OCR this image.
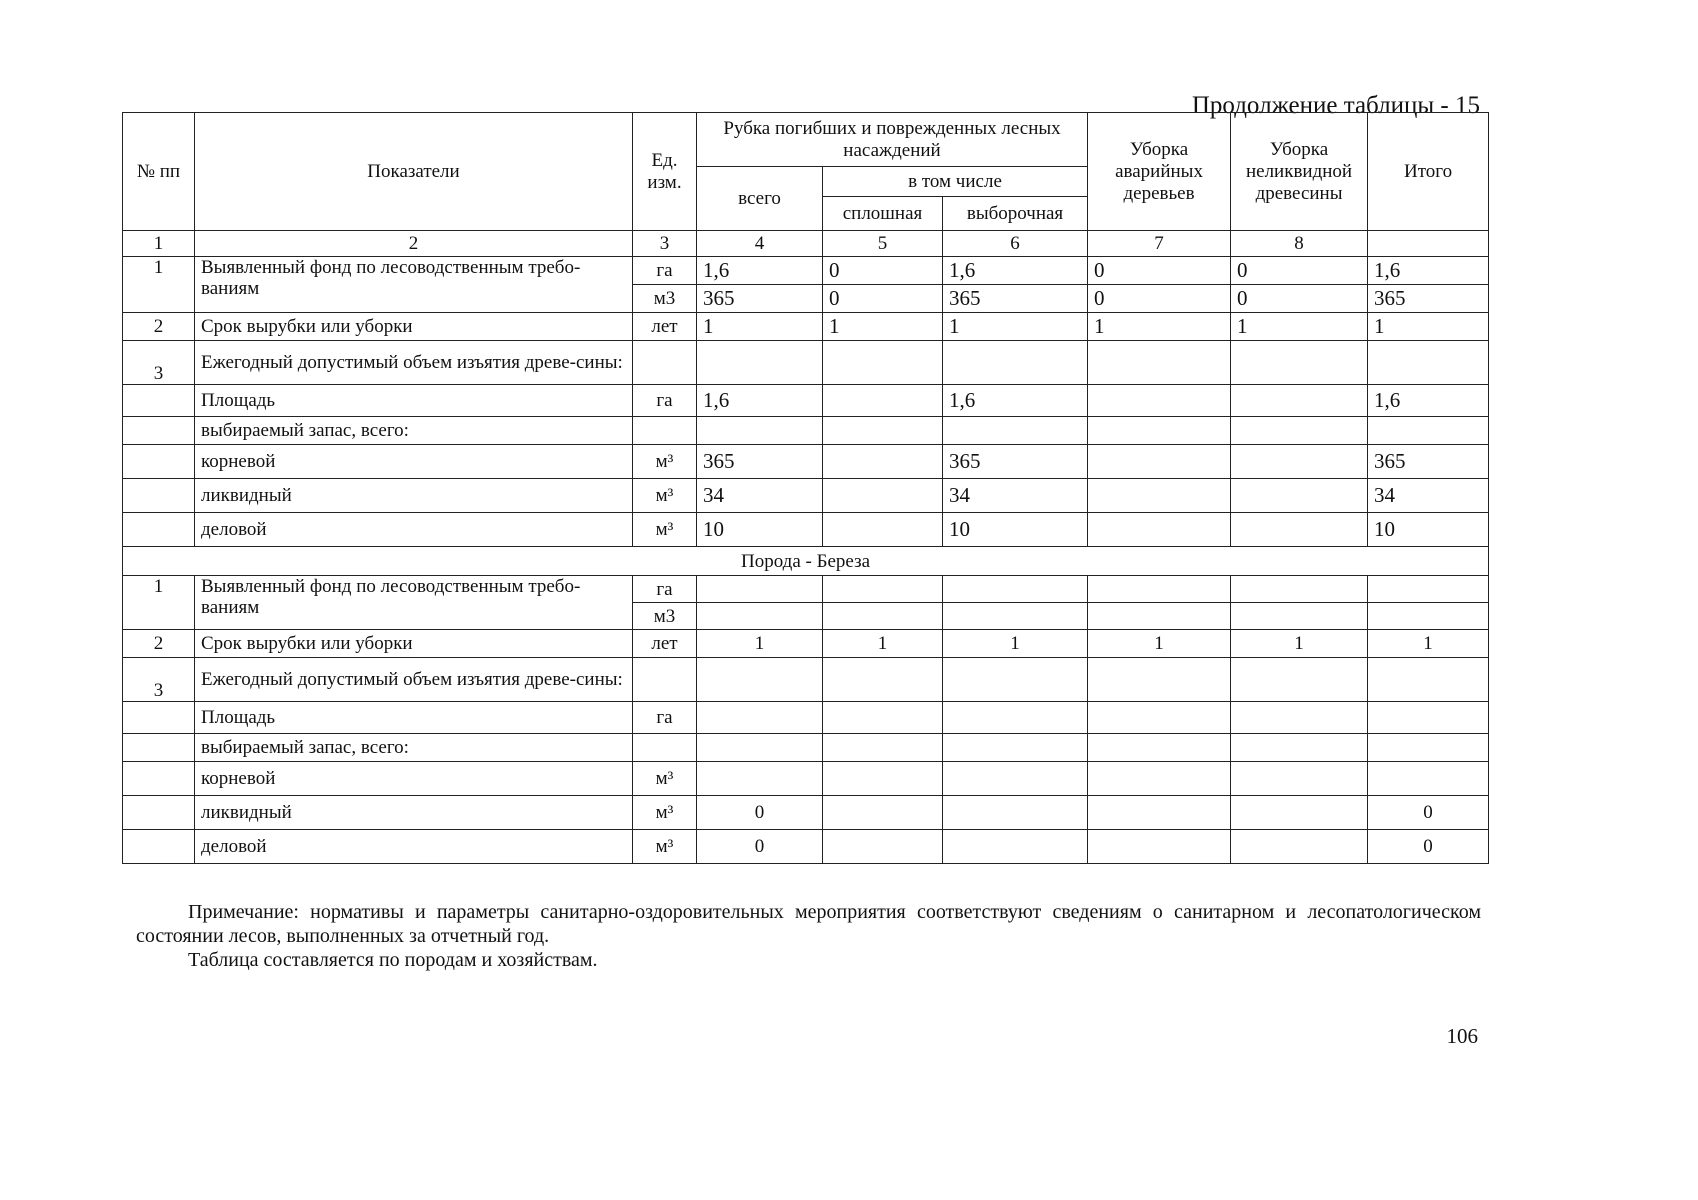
Продолжение таблицы - 15
№ пп	Показатели	Ед. изм.	Рубка погибших и поврежденных лесных насаждений			Уборка аварийных деревьев	Уборка неликвидной древесины	Итого
			всего	в том числе				
				сплошная	выборочная			
1	2	3	4	5	6	7	8	
1	Выявленный фонд по лесоводственным требо-ваниям	га	1,6	0	1,6	0	0	1,6
		м3	365	0	365	0	0	365
2	Срок вырубки или уборки	лет	1	1	1	1	1	1
3	Ежегодный допустимый объем изъятия древе-сины:							
	Площадь	га	1,6		1,6			1,6
	выбираемый запас, всего:							
	корневой	м³	365		365			365
	ликвидный	м³	34		34			34
	деловой	м³	10		10			10
Порода - Береза								
1	Выявленный фонд по лесоводственным требо-ваниям	га						
		м3						
2	Срок вырубки или уборки	лет	1	1	1	1	1	1
3	Ежегодный допустимый объем изъятия древе-сины:							
	Площадь	га						
	выбираемый запас, всего:							
	корневой	м³						
	ликвидный	м³	0					0
	деловой	м³	0					0

Примечание: нормативы и параметры санитарно-оздоровительных мероприятия соответствуют сведениям о санитарном и лесопатологическом состоянии лесов, выполненных за отчетный год.

Таблица составляется по породам и хозяйствам.

106
